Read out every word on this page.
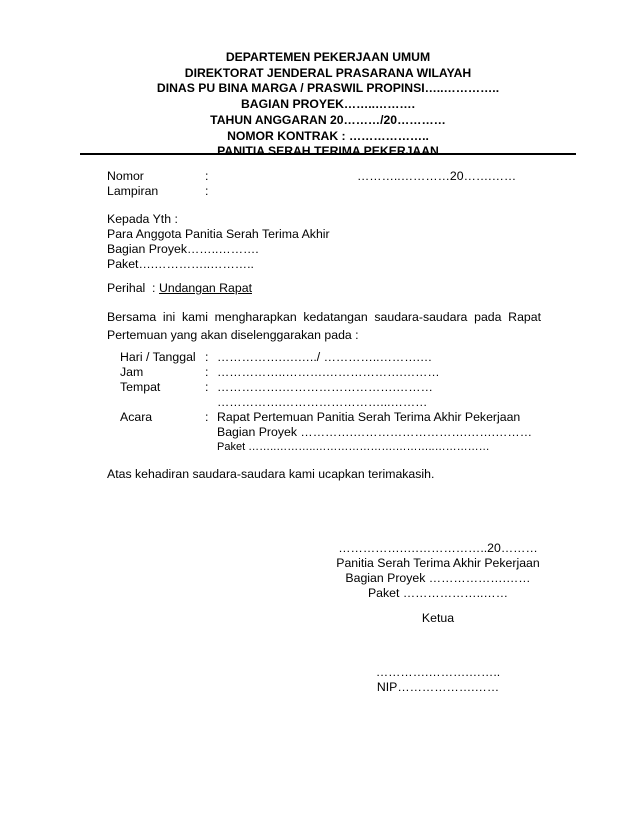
DEPARTEMEN PEKERJAAN UMUM
DIREKTORAT JENDERAL PRASARANA WILAYAH
DINAS PU BINA MARGA / PRASWIL PROPINSI…..…………..
BAGIAN PROYEK……..……….
TAHUN ANGGARAN 20………/20…………
NOMOR KONTRAK : ………………..
PANITIA SERAH TERIMA PEKERJAAN
Nomor	:	………..…………20…….……
Lampiran	:
Kepada Yth :
Para Anggota Panitia Serah Terima Akhir
Bagian Proyek……..……….
Paket….…………..………..
Perihal : Undangan Rapat
Bersama ini kami mengharapkan kedatangan saudara-saudara pada Rapat Pertemuan yang akan diselenggarakan pada :
Hari / Tanggal : …………….….…../ …………..……….…
Jam	: ……………..……….……………….………
Tempat	: …………….……………………….………
…………….……………………...………
Acara	: Rapat Pertemuan Panitia Serah Terima Akhir Pekerjaan
Bagian Proyek ………….……………………….…….………
Paket ……..………..………………….………..……………
Atas kehadiran saudara-saudara kami ucapkan terimakasih.
…………….….……………..20………
Panitia Serah Terima Akhir Pekerjaan
Bagian Proyek ……………….……
Paket ………………..……
Ketua
………….……….……..
NIP……………….……
